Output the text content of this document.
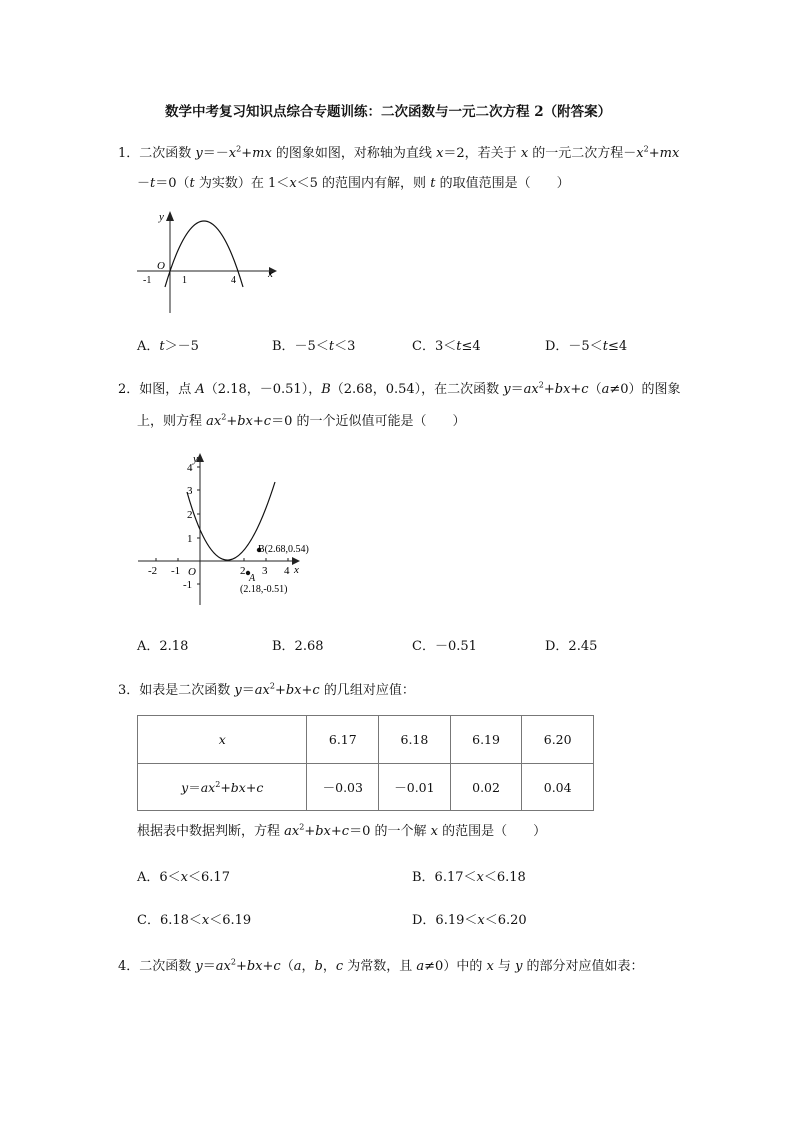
数学中考复习知识点综合专题训练：二次函数与一元二次方程 2（附答案）
1．二次函数 $y=-x^2+mx$ 的图象如图，对称轴为直线 x＝2，若关于 x 的一元二次方程$-x^2+mx$
－t＝0（t 为实数）在 1＜x＜5 的范围内有解，则 t 的取值范围是（　　）
y
x
O
-1	1	4
A．t＞－5	B．－5＜t＜3	C．3＜t≤4	D．－5＜t≤4
2．如图，点 A（2.18，－0.51），B（2.68，0.54），在二次函数 $y=ax^2+bx+c(a\ne 0)$的图象
上，则方程 $ax^2+bx+c=0$ 的一个近似值可能是（　　）
y
x
O
4
3
2
1
-1
-2 -1	2 3 4
B(2.68,0.54)
A
(2.18,-0.51)
A．2.18	B．2.68	C．－0.51	D．2.45
3．如表是二次函数 $y=ax^2+bx+c$ 的几组对应值：
x	6.17	6.18	6.19	6.20
$y=ax^2+bx+c$	－0.03	－0.01	0.02	0.04
根据表中数据判断，方程 $ax^2+bx+c=0$ 的一个解 x 的范围是（　　）
A．6＜x＜6.17	B．6.17＜x＜6.18
C．6.18＜x＜6.19	D．6.19＜x＜6.20
4．二次函数 $y=ax^2+bx+c(a$，b，c 为常数，且 a≠0）中的 x 与 y 的部分对应值如表：
